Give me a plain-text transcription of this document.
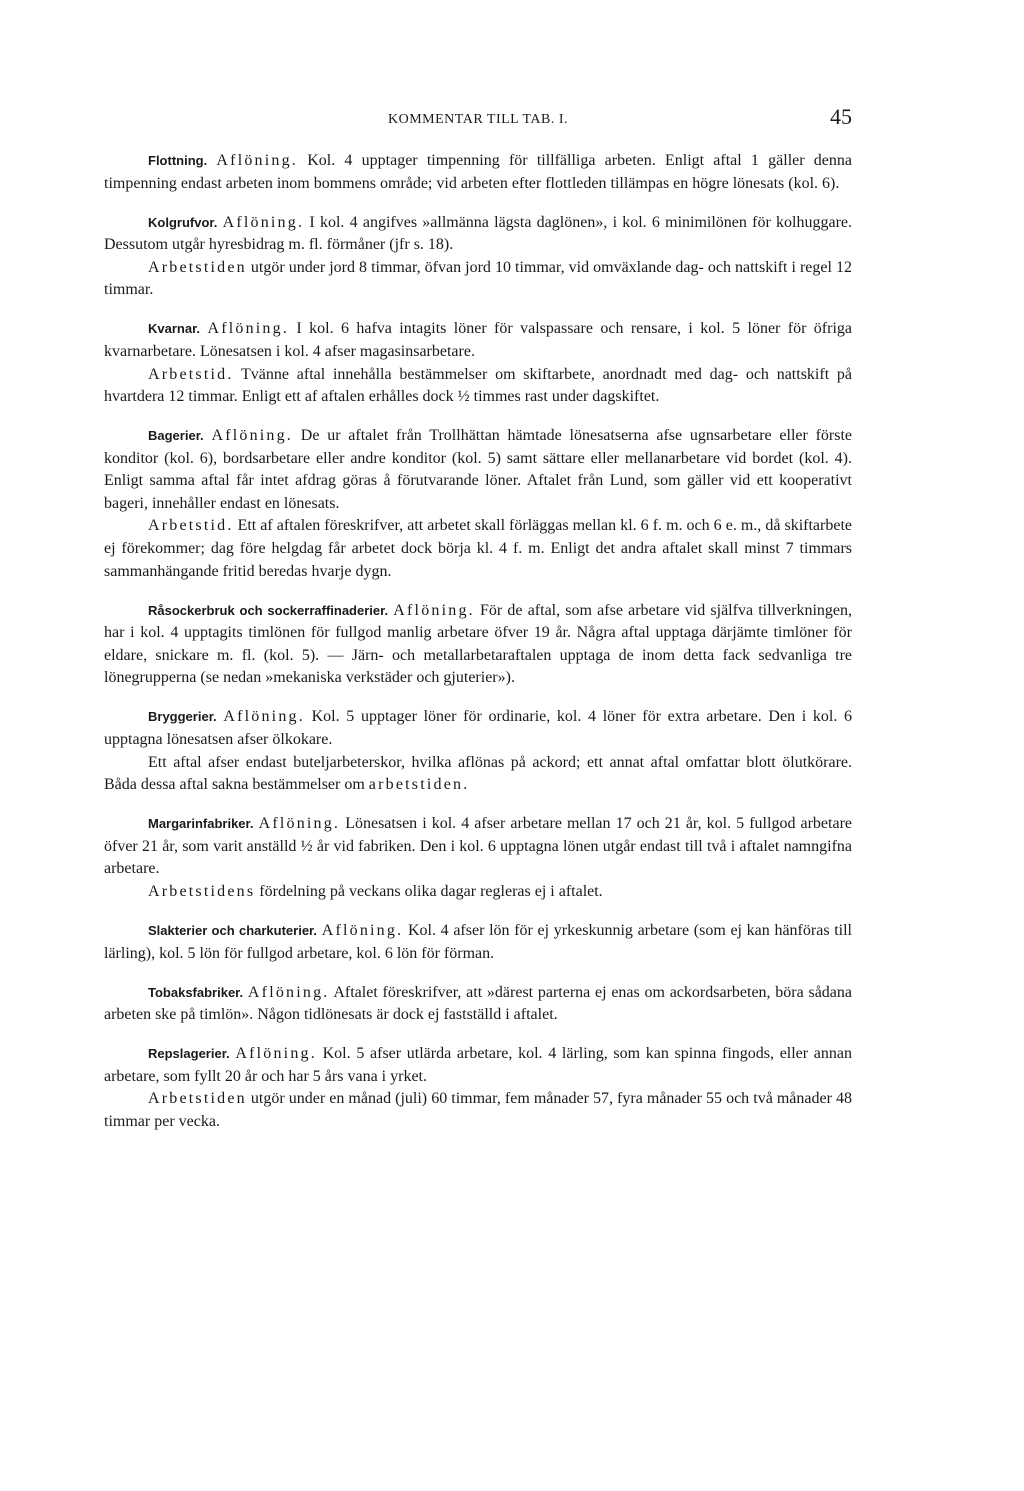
KOMMENTAR TILL TAB. I.	45

Flottning. Aflöning. Kol. 4 upptager timpenning för tillfälliga arbeten. Enligt aftal 1 gäller denna timpenning endast arbeten inom bommens område; vid arbeten efter flottleden tillämpas en högre lönesats (kol. 6).

Kolgrufvor. Aflöning. I kol. 4 angifves »allmänna lägsta daglönen», i kol. 6 minimilönen för kolhuggare. Dessutom utgår hyresbidrag m. fl. förmåner (jfr s. 18).

Arbetstiden utgör under jord 8 timmar, öfvan jord 10 timmar, vid omväxlande dag- och nattskift i regel 12 timmar.

Kvarnar. Aflöning. I kol. 6 hafva intagits löner för valspassare och rensare, i kol. 5 löner för öfriga kvarnarbetare. Lönesatsen i kol. 4 afser magasinsarbetare.

Arbetstid. Tvänne aftal innehålla bestämmelser om skiftarbete, anordnadt med dag- och nattskift på hvartdera 12 timmar. Enligt ett af aftalen erhålles dock ½ timmes rast under dagskiftet.

Bagerier. Aflöning. De ur aftalet från Trollhättan hämtade lönesatserna afse ugnsarbetare eller förste konditor (kol. 6), bordsarbetare eller andre konditor (kol. 5) samt sättare eller mellanarbetare vid bordet (kol. 4). Enligt samma aftal får intet afdrag göras å förutvarande löner. Aftalet från Lund, som gäller vid ett kooperativt bageri, innehåller endast en lönesats.

Arbetstid. Ett af aftalen föreskrifver, att arbetet skall förläggas mellan kl. 6 f. m. och 6 e. m., då skiftarbete ej förekommer; dag före helgdag får arbetet dock börja kl. 4 f. m. Enligt det andra aftalet skall minst 7 timmars sammanhängande fritid beredas hvarje dygn.

Råsockerbruk och sockerraffinaderier. Aflöning. För de aftal, som afse arbetare vid själfva tillverkningen, har i kol. 4 upptagits timlönen för fullgod manlig arbetare öfver 19 år. Några aftal upptaga därjämte timlöner för eldare, snickare m. fl. (kol. 5). — Järn- och metallarbetaraftalen upptaga de inom detta fack sedvanliga tre lönegrupperna (se nedan »mekaniska verkstäder och gjuterier»).

Bryggerier. Aflöning. Kol. 5 upptager löner för ordinarie, kol. 4 löner för extra arbetare. Den i kol. 6 upptagna lönesatsen afser ölkokare.

Ett aftal afser endast buteljarbeterskor, hvilka aflönas på ackord; ett annat aftal omfattar blott ölutkörare. Båda dessa aftal sakna bestämmelser om arbetstiden.

Margarinfabriker. Aflöning. Lönesatsen i kol. 4 afser arbetare mellan 17 och 21 år, kol. 5 fullgod arbetare öfver 21 år, som varit anställd ½ år vid fabriken. Den i kol. 6 upptagna lönen utgår endast till två i aftalet namngifna arbetare.

Arbetstidens fördelning på veckans olika dagar regleras ej i aftalet.

Slakterier och charkuterier. Aflöning. Kol. 4 afser lön för ej yrkeskunnig arbetare (som ej kan hänföras till lärling), kol. 5 lön för fullgod arbetare, kol. 6 lön för förman.

Tobaksfabriker. Aflöning. Aftalet föreskrifver, att »därest parterna ej enas om ackordsarbeten, böra sådana arbeten ske på timlön». Någon tidlönesats är dock ej fastställd i aftalet.

Repslagerier. Aflöning. Kol. 5 afser utlärda arbetare, kol. 4 lärling, som kan spinna fingods, eller annan arbetare, som fyllt 20 år och har 5 års vana i yrket.

Arbetstiden utgör under en månad (juli) 60 timmar, fem månader 57, fyra månader 55 och två månader 48 timmar per vecka.
